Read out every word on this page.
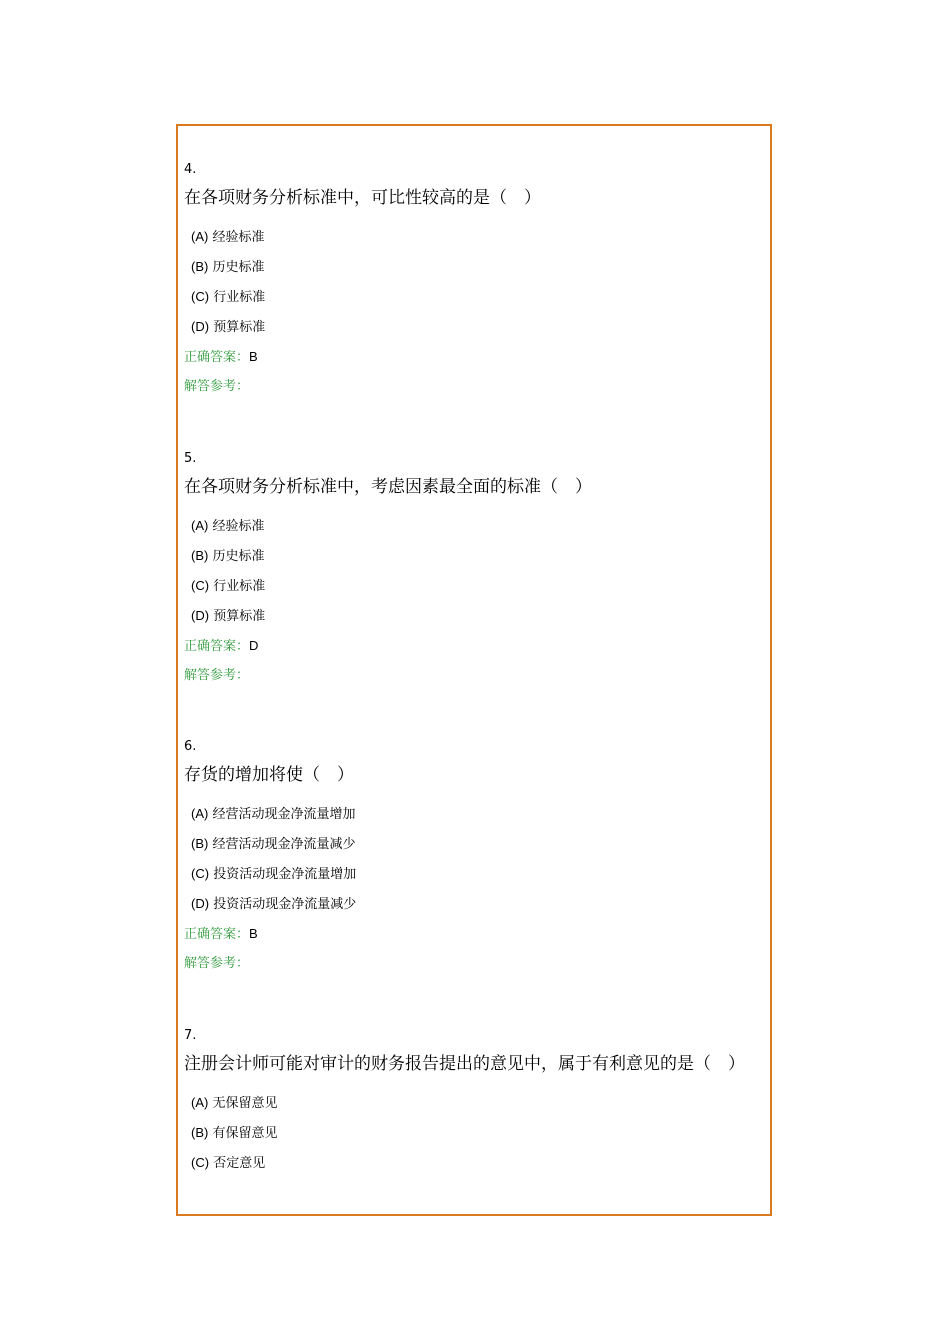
4.
在各项财务分析标准中，可比性较高的是（　）
(A) 经验标准
(B) 历史标准
(C) 行业标准
(D) 预算标准
正确答案：B
解答参考：
5.
在各项财务分析标准中，考虑因素最全面的标准（　）
(A) 经验标准
(B) 历史标准
(C) 行业标准
(D) 预算标准
正确答案：D
解答参考：
6.
存货的增加将使（　）
(A) 经营活动现金净流量增加
(B) 经营活动现金净流量减少
(C) 投资活动现金净流量增加
(D) 投资活动现金净流量减少
正确答案：B
解答参考：
7.
注册会计师可能对审计的财务报告提出的意见中，属于有利意见的是（　）
(A) 无保留意见
(B) 有保留意见
(C) 否定意见
